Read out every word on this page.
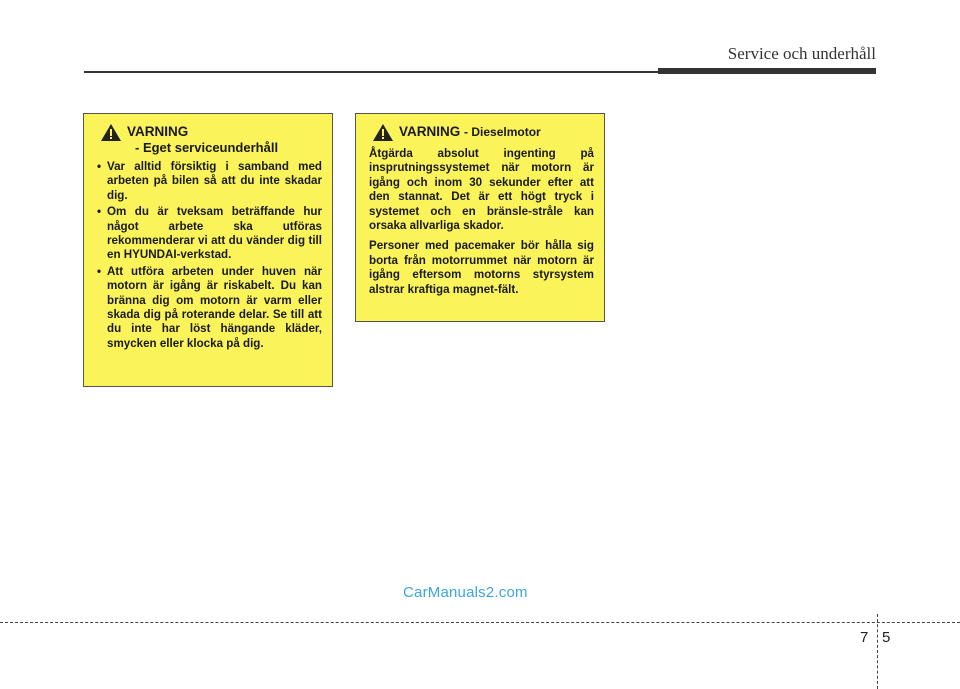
Service och underhåll
VARNING
- Eget serviceunderhåll
• Var alltid försiktig i samband med arbeten på bilen så att du inte skadar dig.
• Om du är tveksam beträffande hur något arbete ska utföras rekommenderar vi att du vänder dig till en HYUNDAI-verkstad.
• Att utföra arbeten under huven när motorn är igång är riskabelt. Du kan bränna dig om motorn är varm eller skada dig på roterande delar. Se till att du inte har löst hängande kläder, smycken eller klocka på dig.
VARNING - Dieselmotor

Åtgärda absolut ingenting på insprutningssystemet när motorn är igång och inom 30 sekunder efter att den stannat. Det är ett högt tryck i systemet och en bränsle-stråle kan orsaka allvarliga skador.

Personer med pacemaker bör hålla sig borta från motorrummet när motorn är igång eftersom motorns styrsystem alstrar kraftiga magnet-fält.

CarManuals2.com
7 5
